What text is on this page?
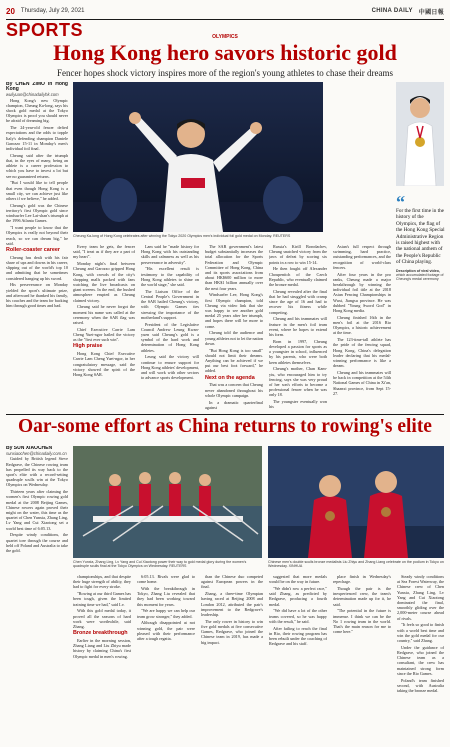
20 Thursday, July 29, 2021	CHINA DAILY 中國日報
SPORTS	OLYMPICS
Hong Kong hero savors historic gold
Fencer hopes shock victory inspires more of the region's young athletes to chase their dreams
By CHEN ZIMO in Hong Kong
wuliyuan@chinadailyhk.com

Hong Kong's new Olympic champion, Cheung Ka-long, says his shock gold medal at the Tokyo Olympics is proof you should never be afraid of dreaming big.

The 24-year-old fencer defied expectations and the odds to topple Italy's defending champion Daniele Garozzo 15-11 in Monday's men's individual foil final.

Cheung said after the triumph that, in the eyes of many, being an athlete is a career profession to which you have to invest a lot but see no guaranteed returns.

"But I would like to tell people that even though Hong Kong is a small city, we can achieve just like others if we believe," he added.

Cheung's gold was the Chinese territory's first Olympic gold since windsurfer Lee Lai-shan's triumph at the 1996 Atlanta Games.

"I want people to know that the Olympics is really not beyond their reach, so we can dream big," he said.

Roller-coaster career

Cheung has dealt with his fair share of ups and downs in his career, slipping out of the world's top 10 and admitting that he sometimes considered hanging up his sword.

His perseverance on Monday yielded the sport's ultimate prize, and afterward he thanked his family, his coaches and the team for backing him through good times and bad.

Cheung Ka-long of Hong Kong celebrates after winning the Tokyo 2020 Olympics men's individual foil gold medal on Monday. REUTERS
“
For the first time in the history of the Olympics, the flag of the Hong Kong Special Administrative Region is raised highest with the national anthem of the People's Republic of China playing.
Description of viral video, which accumulated footage of Cheung's medal ceremony

Every team he gets, the fencer said, "I treat as if they are a part of my heart".

Monday night's final between Cheung and Garozzo gripped Hong Kong, with crowds of the city's shopping malls packed with fans watching the live broadcasts on giant screens. In the end, the hushed atmosphere erupted as Cheung claimed victory.

Cheung said he never forgot the moment his name was called at the ceremony when the SAR flag was raised.

Chief Executive Carrie Lam Cheng Yuet-ngor hailed the victory as the "first ever such win".

High praise

Hong Kong Chief Executive Carrie Lam Cheng Yuet-ngor, in her congratulatory message, said the victory showed the spirit of the Hong Kong SAR.

Lam said he "made history for Hong Kong with his outstanding skills and calmness as well as his perseverance in adversity".

"His excellent result is testimony to the capability of Hong Kong athletes to shine on the world stage," she said.

The Liaison Office of the Central People's Government in the SAR hailed Cheung's victory, with Olympic Games ties stressing the importance of the motherland's support.

President of the Legislative Council Andrew Leung Kwan-yuen said Cheung's gold is a symbol of the hard work and determination of Hong Kong athletes.

Leung said the victory will continue to ensure support for Hong Kong athletes' development, and will work with other sectors to advance sports development.

The SAR government's latest budget substantially increases the total allocation for the Sports Federation and Olympic Committee of Hong Kong, China and its sports associations from about HK$600 million to more than HK$1 billion annually over the next four years.

Windsurfer Lee, Hong Kong's first Olympic champion, told Cheung via video link that she was happy to see another gold medal 25 years after her triumph, and hopes there will be more to come.

Cheung told the audience and young athletes not to let the nation down.

"But Hong Kong is too small" should not limit their dreams. Anything can be achieved if we put our best foot forward," he added.

Next on the agenda

That was a concern that Cheung never abandoned throughout his whole Olympic campaign.

In a dramatic quarterfinal against

Russia's Kirill Borodachev, Cheung snatched victory from the jaws of defeat by scoring six points in a row to win 15-14.

He then fought off Alexander Choupenitch of the Czech Republic, who eventually claimed the bronze medal.

Cheung revealed after the final that he had struggled with cramp since the age of 16 and had to recover his fitness while competing.

Cheung and his teammates will feature in the men's foil team event, where he hopes to extend his form.

Born in 1997, Cheung developed a passion for sports as a youngster in school, influenced by his parents, who were both keen athletes themselves.

Cheung's mother, Chan Kam-yiu, who encouraged him to try fencing, says she was very proud of her son's efforts to become a professional fencer when he was only 18.

The youngster eventually won his

Asian's full respect through swimming, hard practice, outstanding performances, and the recognition of world-class fencers.

After four years in the pro ranks, Cheung made a major breakthrough by winning the individual foil title at the 2018 Asian Fencing Championships in Wuxi, Jiangsu province. He was dubbed "Young Sword God" in Hong Kong media.

Cheung finished 16th in the men's foil at the 2016 Rio Olympics, a historic achievement at the time.

The 123-time-tall athlete has the pride of the fencing squad, Hong Kong, China's delegation leader declaring that his medal-winning performance is like a dream.

Cheung and his teammates will be back in competition at the 54th National Games of China in Xi'an, Shaanxi province, from Sept 15-27.

Oar-some effort as China returns to rowing's elite
By SUN XIAOCHEN
sunxiaochen@chinadaily.com.cn

Guided by British legend Steve Redgrave, the Chinese rowing team has propelled its way back to the sport's elite with a record-setting quadruple sculls win at the Tokyo Olympics on Wednesday.

Thirteen years after claiming the women's first Olympic rowing gold medal at the 2008 Beijing Games, Chinese rowers again proved their might on the water, this time as the quartet of Chen Yunxia, Zhang Ling, Lv Yang and Cui Xiaotong set a world best time of 6:05.13.

Despite windy conditions, the quartet tore through the course and held off Poland and Australia to take the gold.

Chen Yunxia, Zhang Ling, Lv Yang and Cui Xiaotong power their way to gold medal glory during the women's quadruple sculls final at the Tokyo Olympics on Wednesday. REUTERS
Chinese men's double sculls bronze medalists Liu Zhiyu and Zhang Liang celebrate on the podium in Tokyo on Wednesday. XINHUA

championships, and that despite their huge strength of ability, they had to fight for every stroke.

"Rowing at our third Games has been tough, given the limited training time we had," said Lv.

With this gold medal today, it proved all the seasons of hard work were worthwhile, said Zhang.

Bronze breakthrough

Earlier in the morning session, Zhang Liang and Liu Zhiyu made history by claiming China's first Olympic medal in men's rowing.

6:05.13. Rivals were glad to come home.

With the breakthrough in Tokyo, Zhang Liu revealed that they had been working toward this moment for years.

"We are happy we can help our team grow stronger," they added.

Although disappointed at not winning gold, the pair were pleased with their performance after a tough regatta.

than the Chinese duo competed against European powers in the final.

Zhang, a three-time Olympian having raced at Beijing 2008 and London 2012, attributed the pair's improvement to the Redgrave's leadership.

The only rower in history to win five gold medals at five consecutive Games, Redgrave, who joined the Chinese team in 2019, has made a big impact.

suggested that more medals would be on the way in future.

"We didn't row a perfect race," said Zhang, as predicted by Redgrave, producing a fourth medal.

"We did have a lot of the other teams covered, so he was happy with the result," he said.

After failing to reach the final in Rio, their rowing program has been rebuilt under the coaching of Redgrave and his staff.

place finish in Wednesday's repechage.

Though the pair is the inexperienced crew, the team's determination made up for it, he said.

"The potential in the future is immense. I think we can be the No 1 rowing team in the world. That's the main reason for me to come here."

Steady windy conditions at Sea Forest Waterway, the Chinese crew of Chen Yunxia, Zhang Ling, Lv Yang and Cui Xiaotong dominated the final, smoothly gliding over the 2,000-meter course ahead of rivals.

"It feels so good to finish with a world best time and win the gold medal for our country," said Zhang.

Under the guidance of Redgrave, who joined the Chinese team as a consultant, the crew has maintained strong form since the Rio Games.

Poland's team finished second, with Australia taking the bronze medal.
